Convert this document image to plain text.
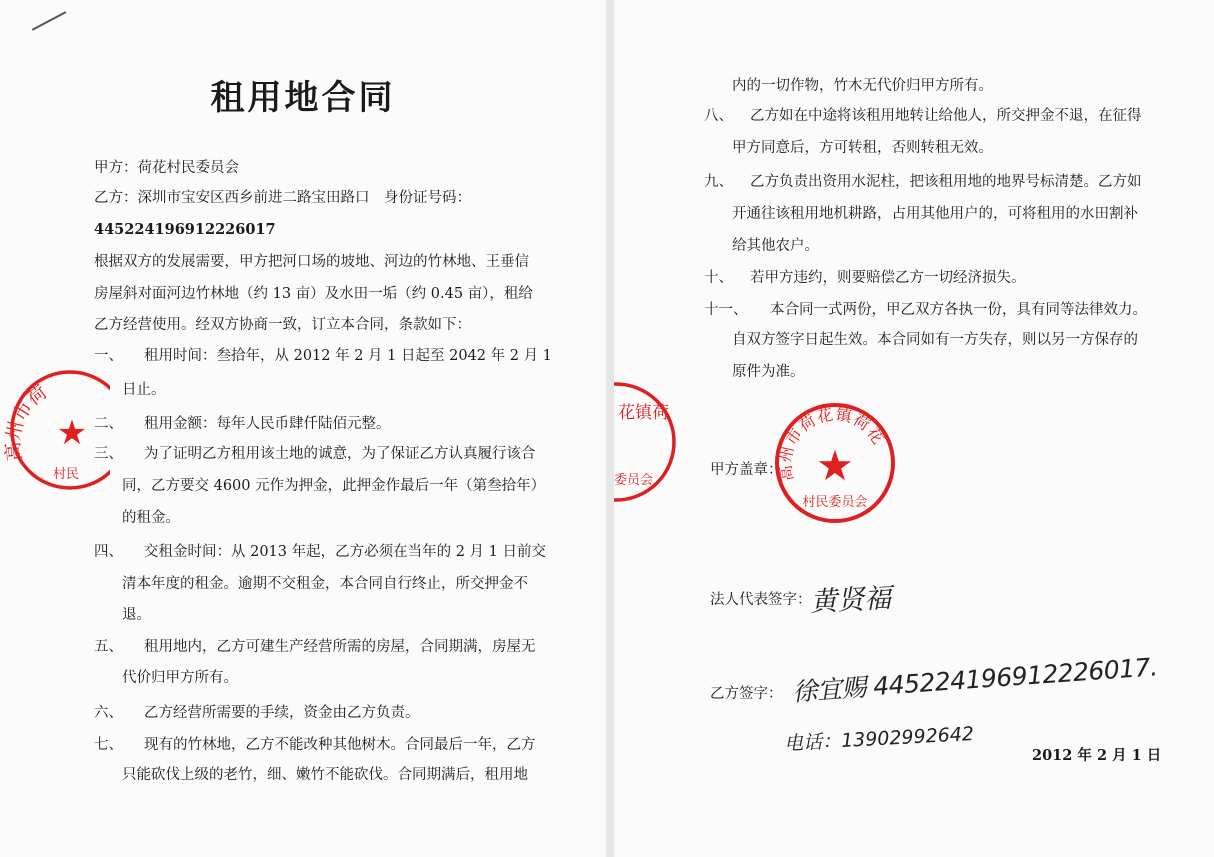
租用地合同
甲方：荷花村民委员会
乙方：深圳市宝安区西乡前进二路宝田路口　身份证号码：
445224196912226017
根据双方的发展需要，甲方把河口场的坡地、河边的竹林地、王垂信
房屋斜对面河边竹林地（约 13 亩）及水田一垢（约 0.45 亩），租给
乙方经营使用。经双方协商一致，订立本合同，条款如下：
一、 租用时间：叁拾年，从 2012 年 2 月 1 日起至 2042 年 2 月 1
日止。
二、 租用金额：每年人民币肆仟陆佰元整。
三、 为了证明乙方租用该土地的诚意，为了保证乙方认真履行该合
同，乙方要交 4600 元作为押金，此押金作最后一年（第叁拾年）
的租金。
四、 交租金时间：从 2013 年起，乙方必须在当年的 2 月 1 日前交
清本年度的租金。逾期不交租金，本合同自行终止，所交押金不
退。
五、 租用地内，乙方可建生产经营所需的房屋，合同期满，房屋无
代价归甲方所有。
六、 乙方经营所需要的手续，资金由乙方负责。
七、 现有的竹林地，乙方不能改种其他树木。合同最后一年，乙方
只能砍伐上级的老竹，细、嫩竹不能砍伐。合同期满后，租用地
高州市荷
★
村民
内的一切作物，竹木无代价归甲方所有。
八、 乙方如在中途将该租用地转让给他人，所交押金不退，在征得
甲方同意后，方可转租，否则转租无效。
九、 乙方负责出资用水泥柱，把该租用地的地界号标清楚。乙方如
开通往该租用地机耕路，占用其他用户的，可将租用的水田割补
给其他农户。
十、 若甲方违约，则要赔偿乙方一切经济损失。
十一、 本合同一式两份，甲乙双方各执一份，具有同等法律效力。
自双方签字日起生效。本合同如有一方失存，则以另一方保存的
原件为准。
花镇荷
委员会
甲方盖章：
高州市荷花镇荷花
★
村民委员会
法人代表签字：
黄贤福
乙方签字： 徐宜赐 445224196912226017.
电话：13902992642
2012 年 2 月 1 日
